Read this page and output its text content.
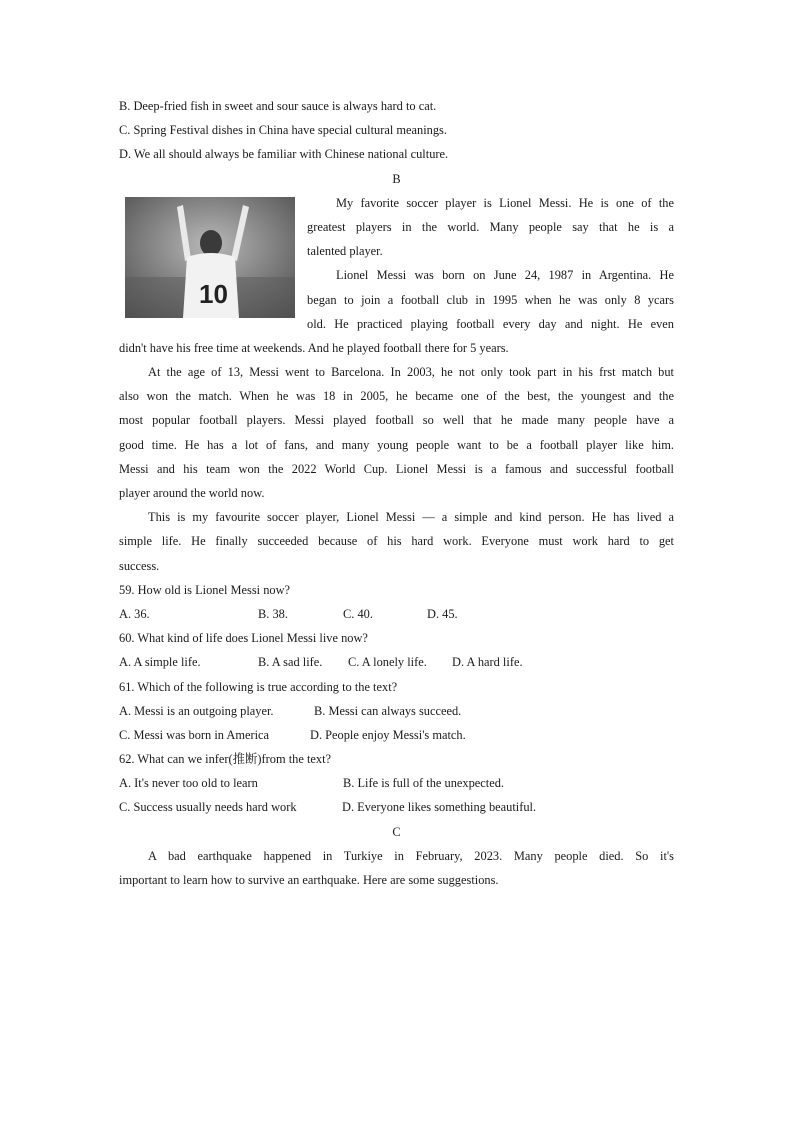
B. Deep-fried fish in sweet and sour sauce is always hard to cat.
C. Spring Festival dishes in China have special cultural meanings.
D. We all should always be familiar with Chinese national culture.
B
10
My favorite soccer player is Lionel Messi. He is one of the
greatest players in the world. Many people say that he is a
talented player.
Lionel Messi was born on June 24, 1987 in Argentina. He
began to join a football club in 1995 when he was only 8 ycars
old. He practiced playing football every day and night. He even
didn't have his free time at weekends. And he played football there for 5 years.
At the age of 13, Messi went to Barcelona. In 2003, he not only took part in his frst match but
also won the match. When he was 18 in 2005, he became one of the best, the youngest and the
most popular football players. Messi played football so well that he made many people have a
good time. He has a lot of fans, and many young people want to be a football player like him.
Messi and his team won the 2022 World Cup. Lionel Messi is a famous and successful football
player around the world now.
This is my favourite soccer player, Lionel Messi — a simple and kind person. He has lived a
simple life. He finally succeeded because of his hard work. Everyone must work hard to get
success.
59. How old is Lionel Messi now?
A. 36.	B. 38.	C. 40.	D. 45.
60. What kind of life does Lionel Messi live now?
A. A simple life.	B. A sad life. C. A lonely life. D. A hard life.
61. Which of the following is true according to the text?
A. Messi is an outgoing player.	B. Messi can always succeed.
C. Messi was born in America	D. People enjoy Messi's match.
62. What can we infer(推断)from the text?
A. It's never too old to learn	B. Life is full of the unexpected.
C. Success usually needs hard work	D. Everyone likes something beautiful.
C
A bad earthquake happened in Turkiye in February, 2023. Many people died. So it's
important to learn how to survive an earthquake. Here are some suggestions.
